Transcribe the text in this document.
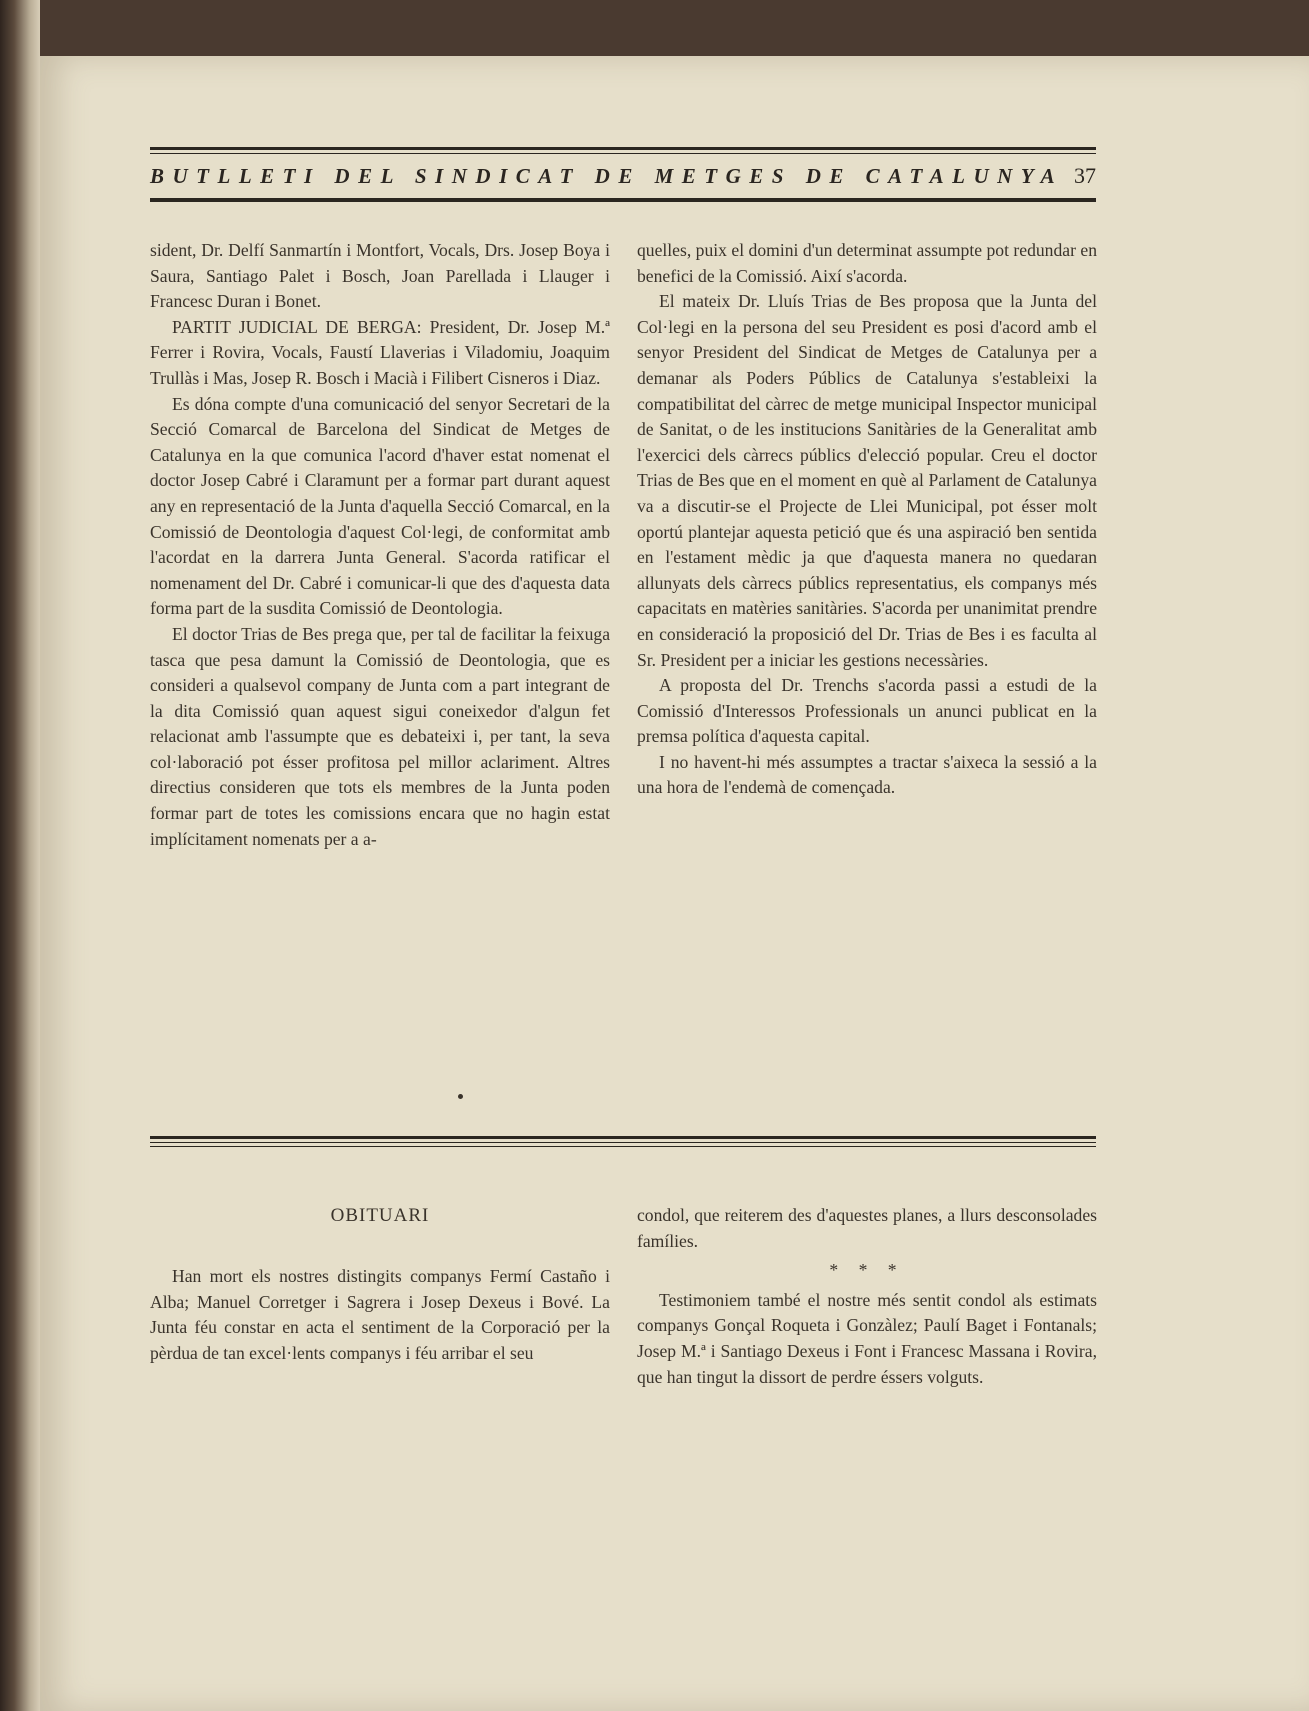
BUTLLETI DEL SINDICAT DE METGES DE CATALUNYA 37

sident, Dr. Delfí Sanmartín i Montfort, Vocals, Drs. Josep Boya i Saura, Santiago Palet i Bosch, Joan Parellada i Llauger i Francesc Duran i Bonet.

PARTIT JUDICIAL DE BERGA: President, Dr. Josep M.ª Ferrer i Rovira, Vocals, Faustí Llaverias i Viladomiu, Joaquim Trullàs i Mas, Josep R. Bosch i Macià i Filibert Cisneros i Diaz.

Es dóna compte d'una comunicació del senyor Secretari de la Secció Comarcal de Barcelona del Sindicat de Metges de Catalunya en la que comunica l'acord d'haver estat nomenat el doctor Josep Cabré i Claramunt per a formar part durant aquest any en representació de la Junta d'aquella Secció Comarcal, en la Comissió de Deontologia d'aquest Col·legi, de conformitat amb l'acordat en la darrera Junta General. S'acorda ratificar el nomenament del Dr. Cabré i comunicar-li que des d'aquesta data forma part de la susdita Comissió de Deontologia.

El doctor Trias de Bes prega que, per tal de facilitar la feixuga tasca que pesa damunt la Comissió de Deontologia, que es consideri a qualsevol company de Junta com a part integrant de la dita Comissió quan aquest sigui coneixedor d'algun fet relacionat amb l'assumpte que es debateixi i, per tant, la seva col·laboració pot ésser profitosa pel millor aclariment. Altres directius consideren que tots els membres de la Junta poden formar part de totes les comissions encara que no hagin estat implícitament nomenats per a a-

quelles, puix el domini d'un determinat assumpte pot redundar en benefici de la Comissió. Així s'acorda.

El mateix Dr. Lluís Trias de Bes proposa que la Junta del Col·legi en la persona del seu President es posi d'acord amb el senyor President del Sindicat de Metges de Catalunya per a demanar als Poders Públics de Catalunya s'estableixi la compatibilitat del càrrec de metge municipal Inspector municipal de Sanitat, o de les institucions Sanitàries de la Generalitat amb l'exercici dels càrrecs públics d'elecció popular. Creu el doctor Trias de Bes que en el moment en què al Parlament de Catalunya va a discutir-se el Projecte de Llei Municipal, pot ésser molt oportú plantejar aquesta petició que és una aspiració ben sentida en l'estament mèdic ja que d'aquesta manera no quedaran allunyats dels càrrecs públics representatius, els companys més capacitats en matèries sanitàries. S'acorda per unanimitat prendre en consideració la proposició del Dr. Trias de Bes i es faculta al Sr. President per a iniciar les gestions necessàries.

A proposta del Dr. Trenchs s'acorda passi a estudi de la Comissió d'Interessos Professionals un anunci publicat en la premsa política d'aquesta capital.

I no havent-hi més assumptes a tractar s'aixeca la sessió a la una hora de l'endemà de començada.

OBITUARI

Han mort els nostres distingits companys Fermí Castaño i Alba; Manuel Corretger i Sagrera i Josep Dexeus i Bové. La Junta féu constar en acta el sentiment de la Corporació per la pèrdua de tan excel·lents companys i féu arribar el seu

condol, que reiterem des d'aquestes planes, a llurs desconsolades famílies.

* * *

Testimoniem també el nostre més sentit condol als estimats companys Gonçal Roqueta i Gonzàlez; Paulí Baget i Fontanals; Josep M.ª i Santiago Dexeus i Font i Francesc Massana i Rovira, que han tingut la dissort de perdre éssers volguts.
